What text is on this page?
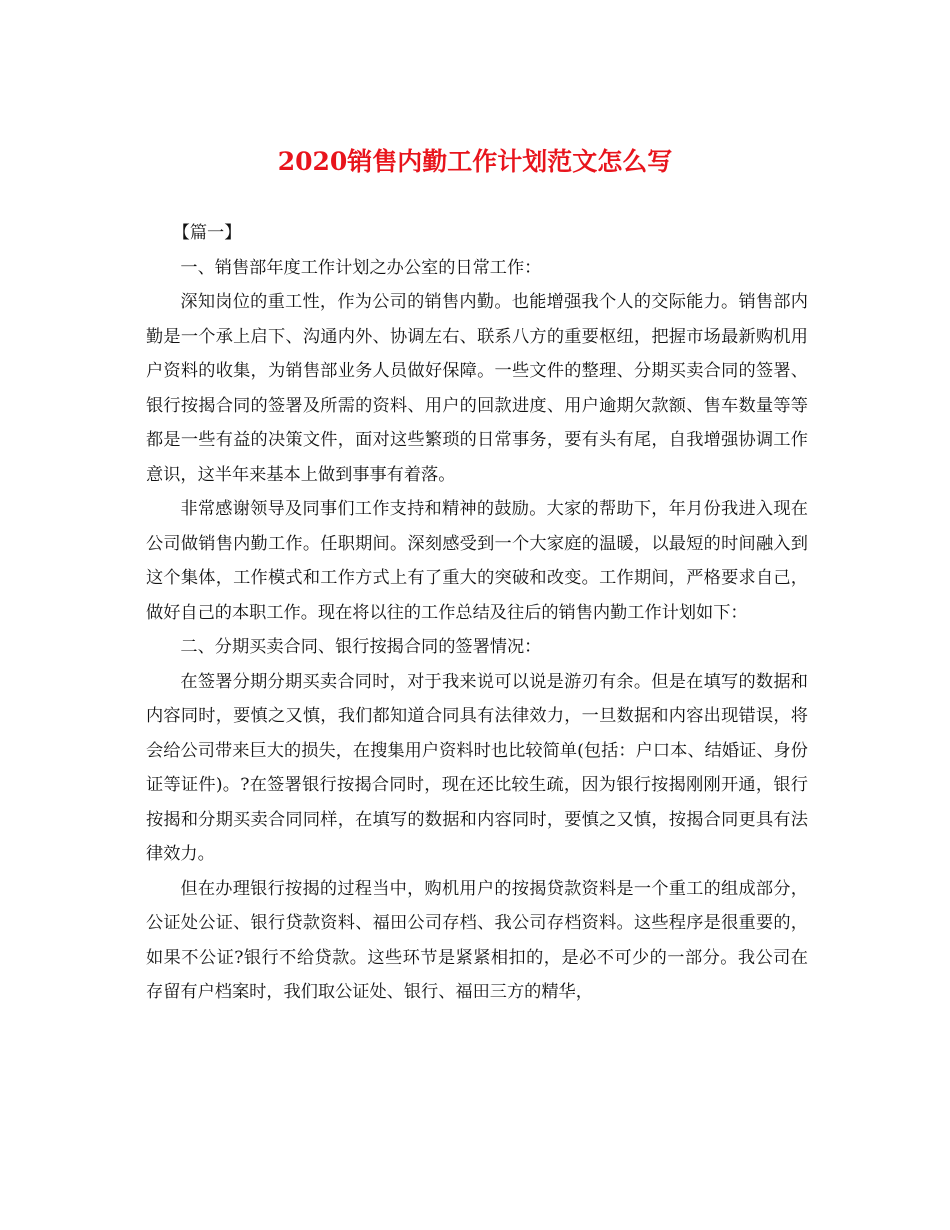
2020销售内勤工作计划范文怎么写

【篇一】

一、销售部年度工作计划之办公室的日常工作：

深知岗位的重工性，作为公司的销售内勤。也能增强我个人的交际能力。销售部内勤是一个承上启下、沟通内外、协调左右、联系八方的重要枢纽，把握市场最新购机用户资料的收集，为销售部业务人员做好保障。一些文件的整理、分期买卖合同的签署、银行按揭合同的签署及所需的资料、用户的回款进度、用户逾期欠款额、售车数量等等都是一些有益的决策文件，面对这些繁琐的日常事务，要有头有尾，自我增强协调工作意识，这半年来基本上做到事事有着落。

非常感谢领导及同事们工作支持和精神的鼓励。大家的帮助下，年月份我进入现在公司做销售内勤工作。任职期间。深刻感受到一个大家庭的温暖，以最短的时间融入到这个集体，工作模式和工作方式上有了重大的突破和改变。工作期间，严格要求自己，做好自己的本职工作。现在将以往的工作总结及往后的销售内勤工作计划如下：

二、分期买卖合同、银行按揭合同的签署情况：

在签署分期分期买卖合同时，对于我来说可以说是游刃有余。但是在填写的数据和内容同时，要慎之又慎，我们都知道合同具有法律效力，一旦数据和内容出现错误，将会给公司带来巨大的损失，在搜集用户资料时也比较简单(包括：户口本、结婚证、身份证等证件)。?在签署银行按揭合同时，现在还比较生疏，因为银行按揭刚刚开通，银行按揭和分期买卖合同同样，在填写的数据和内容同时，要慎之又慎，按揭合同更具有法律效力。

但在办理银行按揭的过程当中，购机用户的按揭贷款资料是一个重工的组成部分，公证处公证、银行贷款资料、福田公司存档、我公司存档资料。这些程序是很重要的，如果不公证?银行不给贷款。这些环节是紧紧相扣的，是必不可少的一部分。我公司在存留有户档案时，我们取公证处、银行、福田三方的精华，
